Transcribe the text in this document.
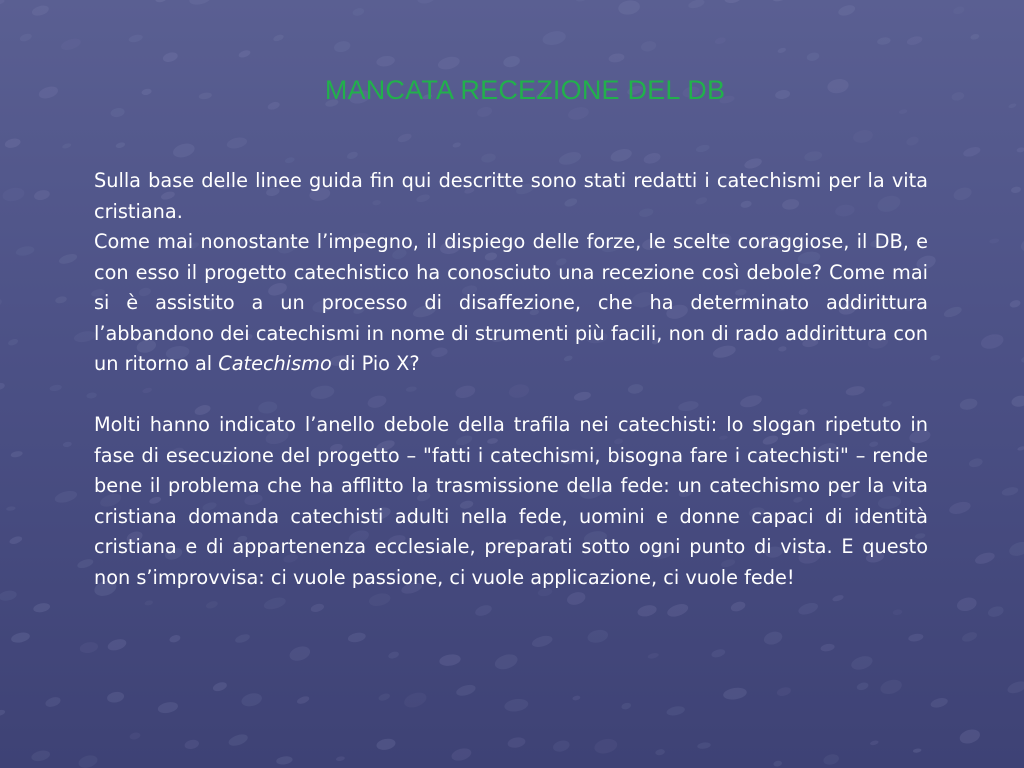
MANCATA RECEZIONE DEL DB

Sulla base delle linee guida fin qui descritte sono stati redatti i catechismi per la vita cristiana.

Come mai nonostante l’impegno, il dispiego delle forze, le scelte coraggiose, il DB, e con esso il progetto catechistico ha conosciuto una recezione così debole? Come mai si è assistito a un processo di disaffezione, che ha determinato addirittura l’abbandono dei catechismi in nome di strumenti più facili, non di rado addirittura con un ritorno al Catechismo di Pio X?

Molti hanno indicato l’anello debole della trafila nei catechisti: lo slogan ripetuto in fase di esecuzione del progetto – "fatti i catechismi, bisogna fare i catechisti" – rende bene il problema che ha afflitto la trasmissione della fede: un catechismo per la vita cristiana domanda catechisti adulti nella fede, uomini e donne capaci di identità cristiana e di appartenenza ecclesiale, preparati sotto ogni punto di vista. E questo non s’improvvisa: ci vuole passione, ci vuole applicazione, ci vuole fede!
